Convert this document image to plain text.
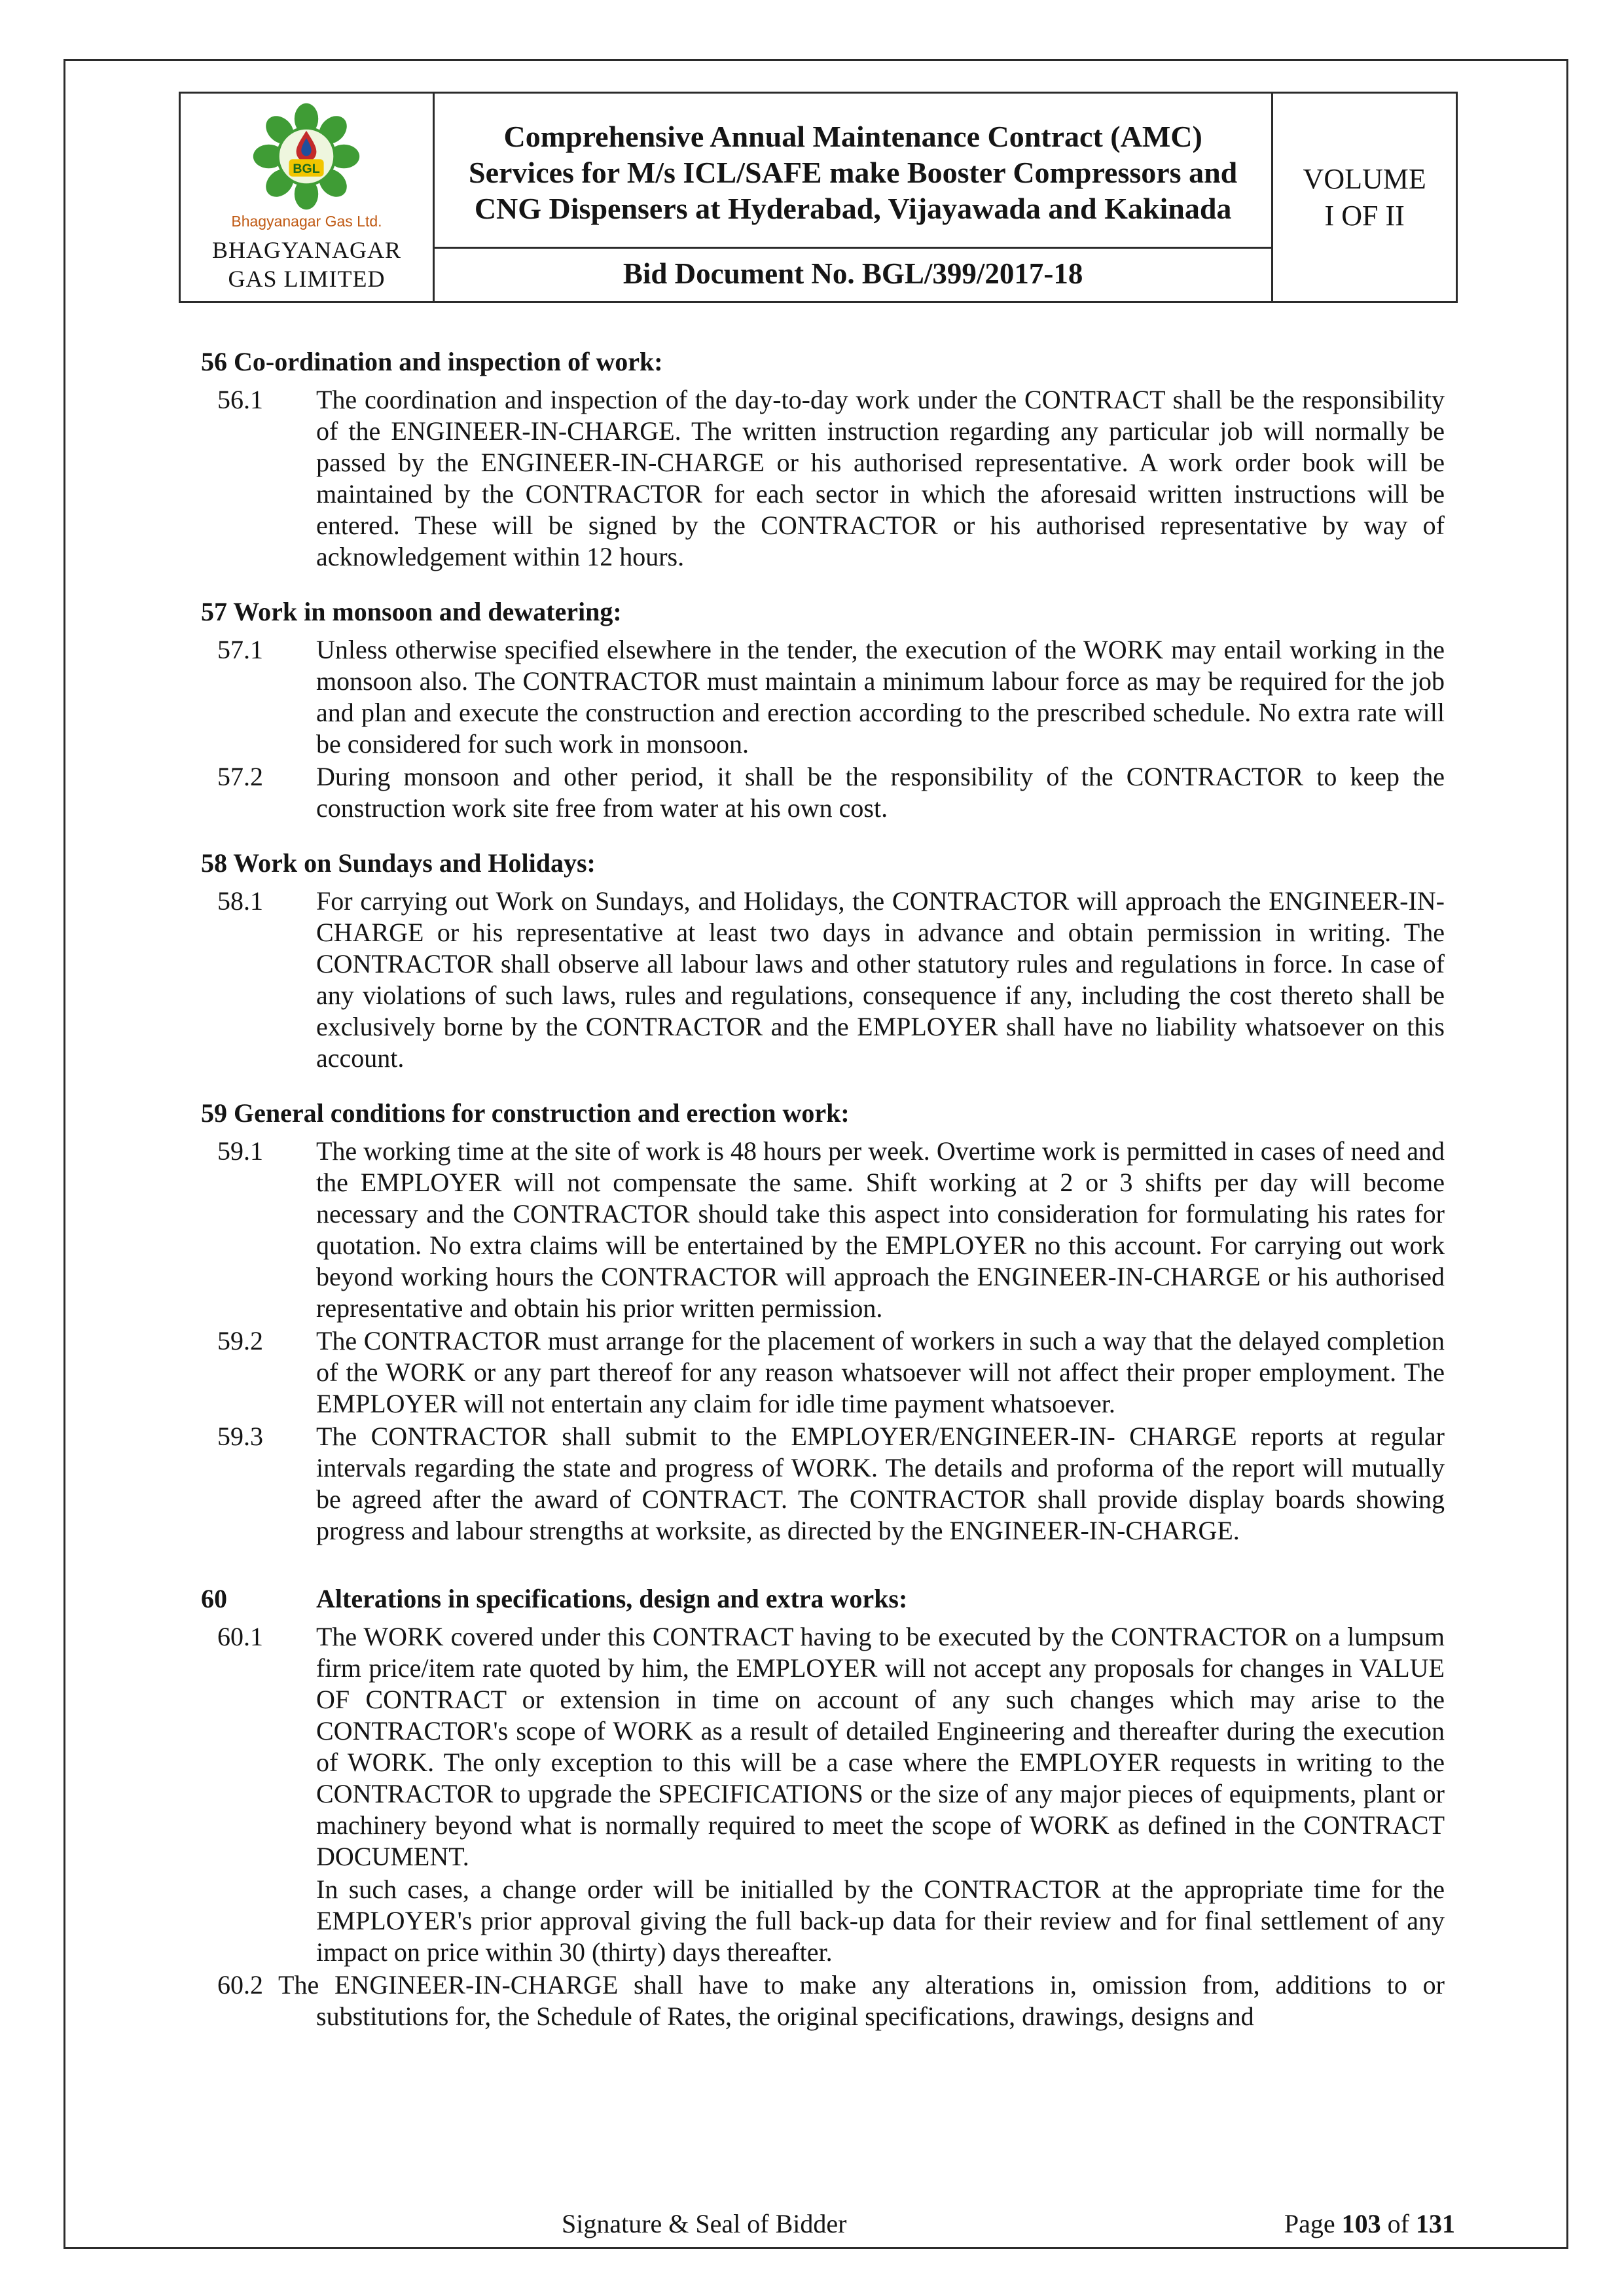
BGL
Bhagyanagar Gas Ltd.
BHAGYANAGAR
GAS LIMITED
Comprehensive Annual Maintenance Contract (AMC) Services for M/s ICL/SAFE make Booster Compressors and CNG Dispensers at Hyderabad, Vijayawada and Kakinada
Bid Document No. BGL/399/2017-18
VOLUME
I OF II
56 Co-ordination and inspection of work:
56.1	The coordination and inspection of the day-to-day work under the CONTRACT shall be the responsibility of the ENGINEER-IN-CHARGE. The written instruction regarding any particular job will normally be passed by the ENGINEER-IN-CHARGE or his authorised representative. A work order book will be maintained by the CONTRACTOR for each sector in which the aforesaid written instructions will be entered. These will be signed by the CONTRACTOR or his authorised representative by way of acknowledgement within 12 hours.

57 Work in monsoon and dewatering:
57.1	Unless otherwise specified elsewhere in the tender, the execution of the WORK may entail working in the monsoon also. The CONTRACTOR must maintain a minimum labour force as may be required for the job and plan and execute the construction and erection according to the prescribed schedule. No extra rate will be considered for such work in monsoon.

57.2	During monsoon and other period, it shall be the responsibility of the CONTRACTOR to keep the construction work site free from water at his own cost.

58 Work on Sundays and Holidays:
58.1	For carrying out Work on Sundays, and Holidays, the CONTRACTOR will approach the ENGINEER-IN-CHARGE or his representative at least two days in advance and obtain permission in writing. The CONTRACTOR shall observe all labour laws and other statutory rules and regulations in force. In case of any violations of such laws, rules and regulations, consequence if any, including the cost thereto shall be exclusively borne by the CONTRACTOR and the EMPLOYER shall have no liability whatsoever on this account.

59 General conditions for construction and erection work:
59.1	The working time at the site of work is 48 hours per week. Overtime work is permitted in cases of need and the EMPLOYER will not compensate the same. Shift working at 2 or 3 shifts per day will become necessary and the CONTRACTOR should take this aspect into consideration for formulating his rates for quotation. No extra claims will be entertained by the EMPLOYER no this account. For carrying out work beyond working hours the CONTRACTOR will approach the ENGINEER-IN-CHARGE or his authorised representative and obtain his prior written permission.

59.2	The CONTRACTOR must arrange for the placement of workers in such a way that the delayed completion of the WORK or any part thereof for any reason whatsoever will not affect their proper employment. The EMPLOYER will not entertain any claim for idle time payment whatsoever.

59.3	The CONTRACTOR shall submit to the EMPLOYER/ENGINEER-IN- CHARGE reports at regular intervals regarding the state and progress of WORK. The details and proforma of the report will mutually be agreed after the award of CONTRACT. The CONTRACTOR shall provide display boards showing progress and labour strengths at worksite, as directed by the ENGINEER-IN-CHARGE.

60	Alterations in specifications, design and extra works:
60.1	The WORK covered under this CONTRACT having to be executed by the CONTRACTOR on a lumpsum firm price/item rate quoted by him, the EMPLOYER will not accept any proposals for changes in VALUE OF CONTRACT or extension in time on account of any such changes which may arise to the CONTRACTOR's scope of WORK as a result of detailed Engineering and thereafter during the execution of WORK. The only exception to this will be a case where the EMPLOYER requests in writing to the CONTRACTOR to upgrade the SPECIFICATIONS or the size of any major pieces of equipments, plant or machinery beyond what is normally required to meet the scope of WORK as defined in the CONTRACT DOCUMENT.

In such cases, a change order will be initialled by the CONTRACTOR at the appropriate time for the EMPLOYER's prior approval giving the full back-up data for their review and for final settlement of any impact on price within 30 (thirty) days thereafter.

60.2 The ENGINEER-IN-CHARGE shall have to make any alterations in, omission from, additions to or substitutions for, the Schedule of Rates, the original specifications, drawings, designs and

Signature & Seal of Bidder	Page 103 of 131
